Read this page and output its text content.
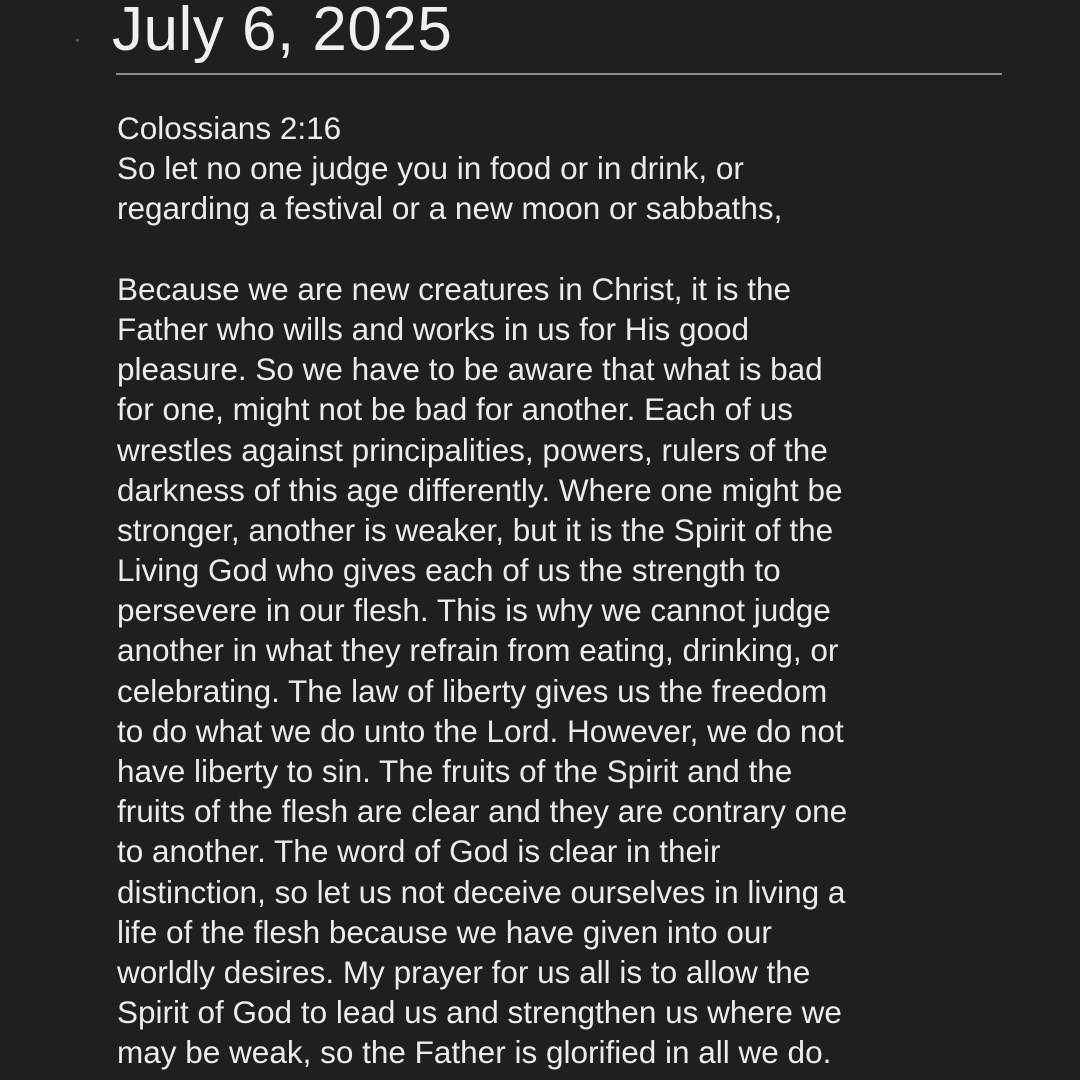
July 6, 2025
Colossians 2:16
So let no one judge you in food or in drink, or
regarding a festival or a new moon or sabbaths,
Because we are new creatures in Christ, it is the
Father who wills and works in us for His good
pleasure. So we have to be aware that what is bad
for one, might not be bad for another. Each of us
wrestles against principalities, powers, rulers of the
darkness of this age differently. Where one might be
stronger, another is weaker, but it is the Spirit of the
Living God who gives each of us the strength to
persevere in our flesh. This is why we cannot judge
another in what they refrain from eating, drinking, or
celebrating. The law of liberty gives us the freedom
to do what we do unto the Lord. However, we do not
have liberty to sin. The fruits of the Spirit and the
fruits of the flesh are clear and they are contrary one
to another. The word of God is clear in their
distinction, so let us not deceive ourselves in living a
life of the flesh because we have given into our
worldly desires. My prayer for us all is to allow the
Spirit of God to lead us and strengthen us where we
may be weak, so the Father is glorified in all we do.
